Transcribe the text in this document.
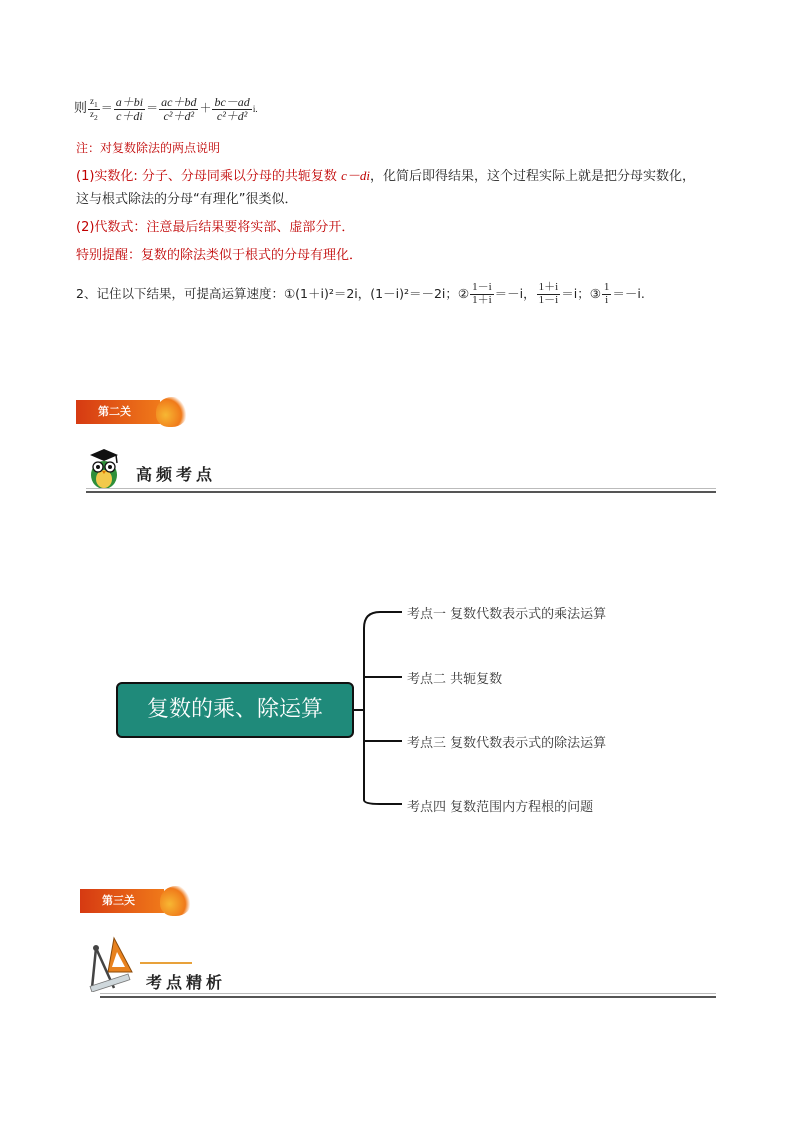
则 $\frac{z_1}{z_2} = \frac{a+bi}{c+di} = \frac{ac+bd}{\text{c²＋d²}} + \frac{bc-ad}{\text{c²＋d²}} i$.
注：对复数除法的两点说明
(1)实数化: 分子、分母同乘以分母的共轭复数 c－di，化简后即得结果，这个过程实际上就是把分母实数化，
这与根式除法的分母“有理化”很类似．
(2)代数式：注意最后结果要将实部、虚部分开．
特别提醒：复数的除法类似于根式的分母有理化．
2、记住以下结果，可提高运算速度：①(1＋i)²＝2i，(1－i)²＝－2i；② $\frac{1-i}{1+i} =-i$， $\frac{1+i}{1-i} =i$；③ $\frac{1}{i} =-i$.
第二关
高频考点
复数的乘、除运算
考点一 复数代数表示式的乘法运算
考点二 共轭复数
考点三 复数代数表示式的除法运算
考点四 复数范围内方程根的问题
第三关
考点精析
